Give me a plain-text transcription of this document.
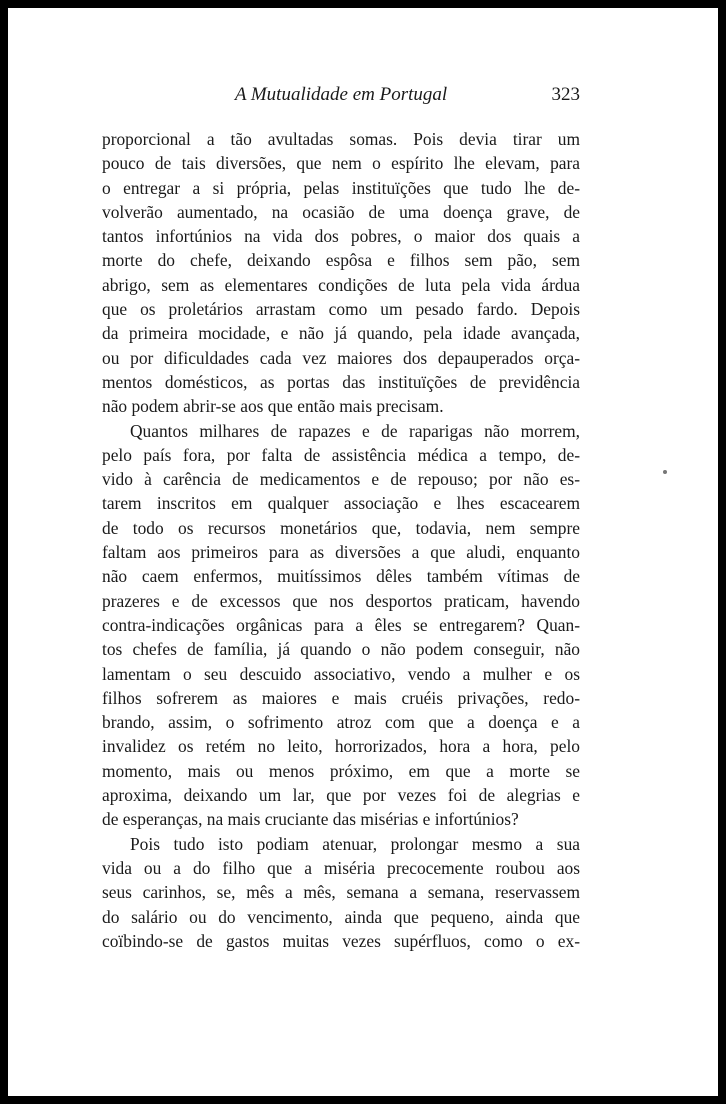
A Mutualidade em Portugal	323
proporcional a tão avultadas somas. Pois devia tirar um
pouco de tais diversões, que nem o espírito lhe elevam, para
o entregar a si própria, pelas instituïções que tudo lhe de-
volverão aumentado, na ocasião de uma doença grave, de
tantos infortúnios na vida dos pobres, o maior dos quais a
morte do chefe, deixando espôsa e filhos sem pão, sem
abrigo, sem as elementares condições de luta pela vida árdua
que os proletários arrastam como um pesado fardo. Depois
da primeira mocidade, e não já quando, pela idade avançada,
ou por dificuldades cada vez maiores dos depauperados orça-
mentos domésticos, as portas das instituïções de previdência
não podem abrir-se aos que então mais precisam.
Quantos milhares de rapazes e de raparigas não morrem,
pelo país fora, por falta de assistência médica a tempo, de-
vido à carência de medicamentos e de repouso; por não es-
tarem inscritos em qualquer associação e lhes escacearem
de todo os recursos monetários que, todavia, nem sempre
faltam aos primeiros para as diversões a que aludi, enquanto
não caem enfermos, muitíssimos dêles também vítimas de
prazeres e de excessos que nos desportos praticam, havendo
contra-indicações orgânicas para a êles se entregarem? Quan-
tos chefes de família, já quando o não podem conseguir, não
lamentam o seu descuido associativo, vendo a mulher e os
filhos sofrerem as maiores e mais cruéis privações, redo-
brando, assim, o sofrimento atroz com que a doença e a
invalidez os retém no leito, horrorizados, hora a hora, pelo
momento, mais ou menos próximo, em que a morte se
aproxima, deixando um lar, que por vezes foi de alegrias e
de esperanças, na mais cruciante das misérias e infortúnios?
Pois tudo isto podiam atenuar, prolongar mesmo a sua
vida ou a do filho que a miséria precocemente roubou aos
seus carinhos, se, mês a mês, semana a semana, reservassem
do salário ou do vencimento, ainda que pequeno, ainda que
coïbindo-se de gastos muitas vezes supérfluos, como o ex-
